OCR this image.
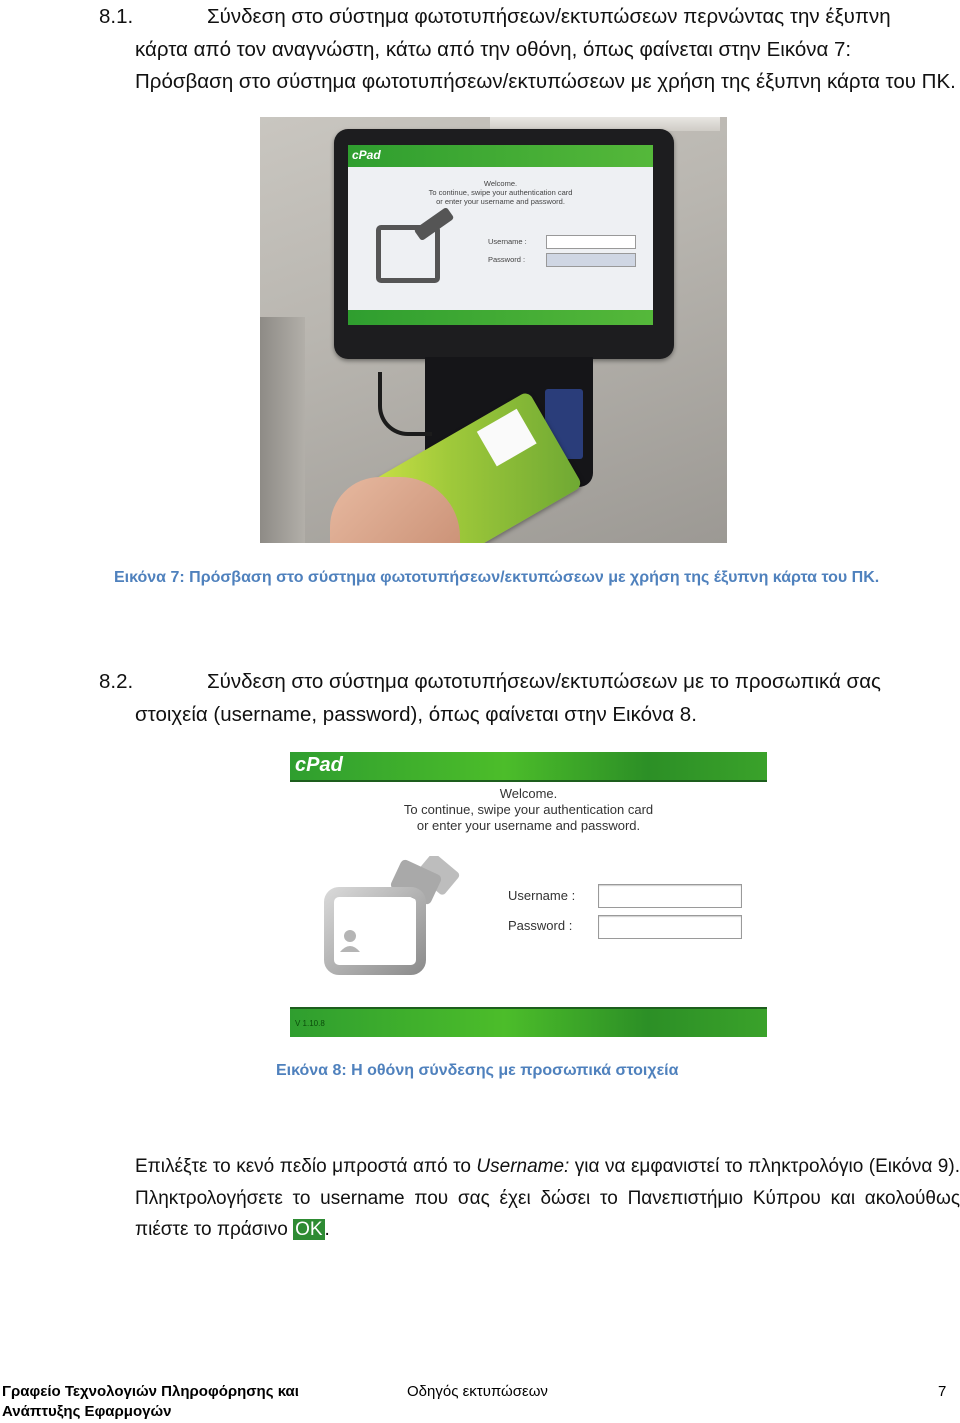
8.1.	Σύνδεση στο σύστημα φωτοτυπήσεων/εκτυπώσεων περνώντας την έξυπνη
κάρτα από τον αναγνώστη, κάτω από την οθόνη, όπως φαίνεται στην Εικόνα 7:
Πρόσβαση στο σύστημα φωτοτυπήσεων/εκτυπώσεων με χρήση της έξυπνη κάρτα του ΠΚ.
cPad
Welcome.
To continue, swipe your authentication card
or enter your username and password.
Username :
Password :
Εικόνα 7: Πρόσβαση στο σύστημα φωτοτυπήσεων/εκτυπώσεων με χρήση της έξυπνη κάρτα του ΠΚ.
8.2.	Σύνδεση στο σύστημα φωτοτυπήσεων/εκτυπώσεων με το προσωπικά σας
στοιχεία (username, password), όπως φαίνεται στην Εικόνα 8.
cPad
Welcome.
To continue, swipe your authentication card
or enter your username and password.
Username :
Password :
V 1.10.8
Εικόνα 8: Η οθόνη σύνδεσης με προσωπικά στοιχεία
Επιλέξτε το κενό πεδίο μπροστά από το Username: για να εμφανιστεί το πληκτρολόγιο (Εικόνα 9). Πληκτρολογήσετε το username που σας έχει δώσει το Πανεπιστήμιο Κύπρου και ακολούθως πιέστε το πράσινο OK .
Γραφείο Τεχνολογιών Πληροφόρησης και
Ανάπτυξης Εφαρμογών
Οδηγός εκτυπώσεων	7
